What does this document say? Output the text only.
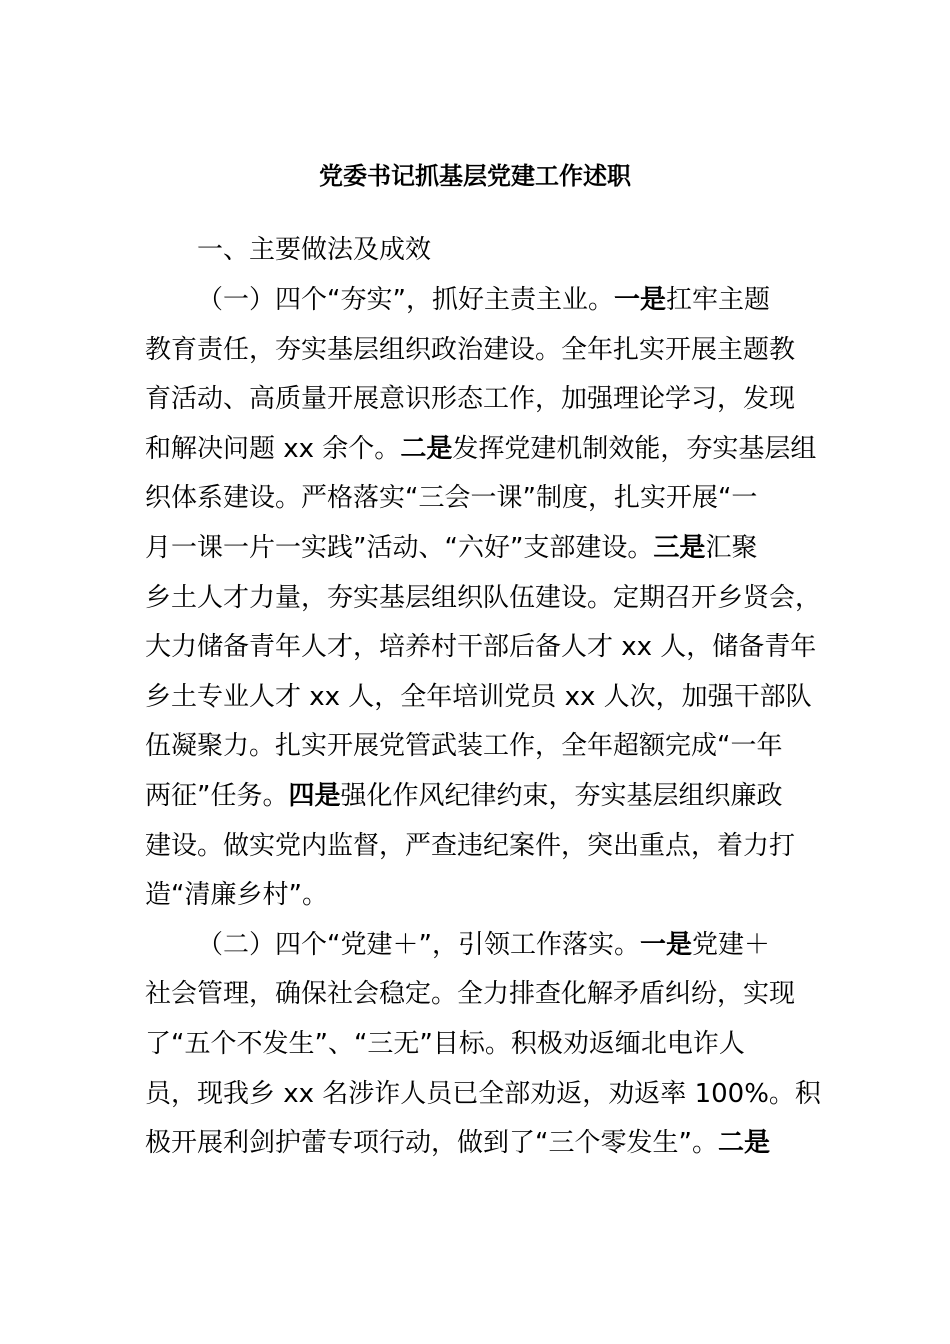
党委书记抓基层党建工作述职
一、主要做法及成效
（一）四个“夯实”，抓好主责主业。一是扛牢主题
教育责任，夯实基层组织政治建设。全年扎实开展主题教
育活动、高质量开展意识形态工作，加强理论学习，发现
和解决问题 xx 余个。二是发挥党建机制效能，夯实基层组
织体系建设。严格落实“三会一课”制度，扎实开展“一
月一课一片一实践”活动、“六好”支部建设。三是汇聚
乡土人才力量，夯实基层组织队伍建设。定期召开乡贤会，
大力储备青年人才，培养村干部后备人才 xx 人，储备青年
乡土专业人才 xx 人，全年培训党员 xx 人次，加强干部队
伍凝聚力。扎实开展党管武装工作，全年超额完成“一年
两征”任务。四是强化作风纪律约束，夯实基层组织廉政
建设。做实党内监督，严查违纪案件，突出重点，着力打
造“清廉乡村”。
（二）四个“党建＋”，引领工作落实。一是党建＋
社会管理，确保社会稳定。全力排查化解矛盾纠纷，实现
了“五个不发生”、“三无”目标。积极劝返缅北电诈人
员，现我乡 xx 名涉诈人员已全部劝返，劝返率 100%。积
极开展利剑护蕾专项行动，做到了“三个零发生”。二是
